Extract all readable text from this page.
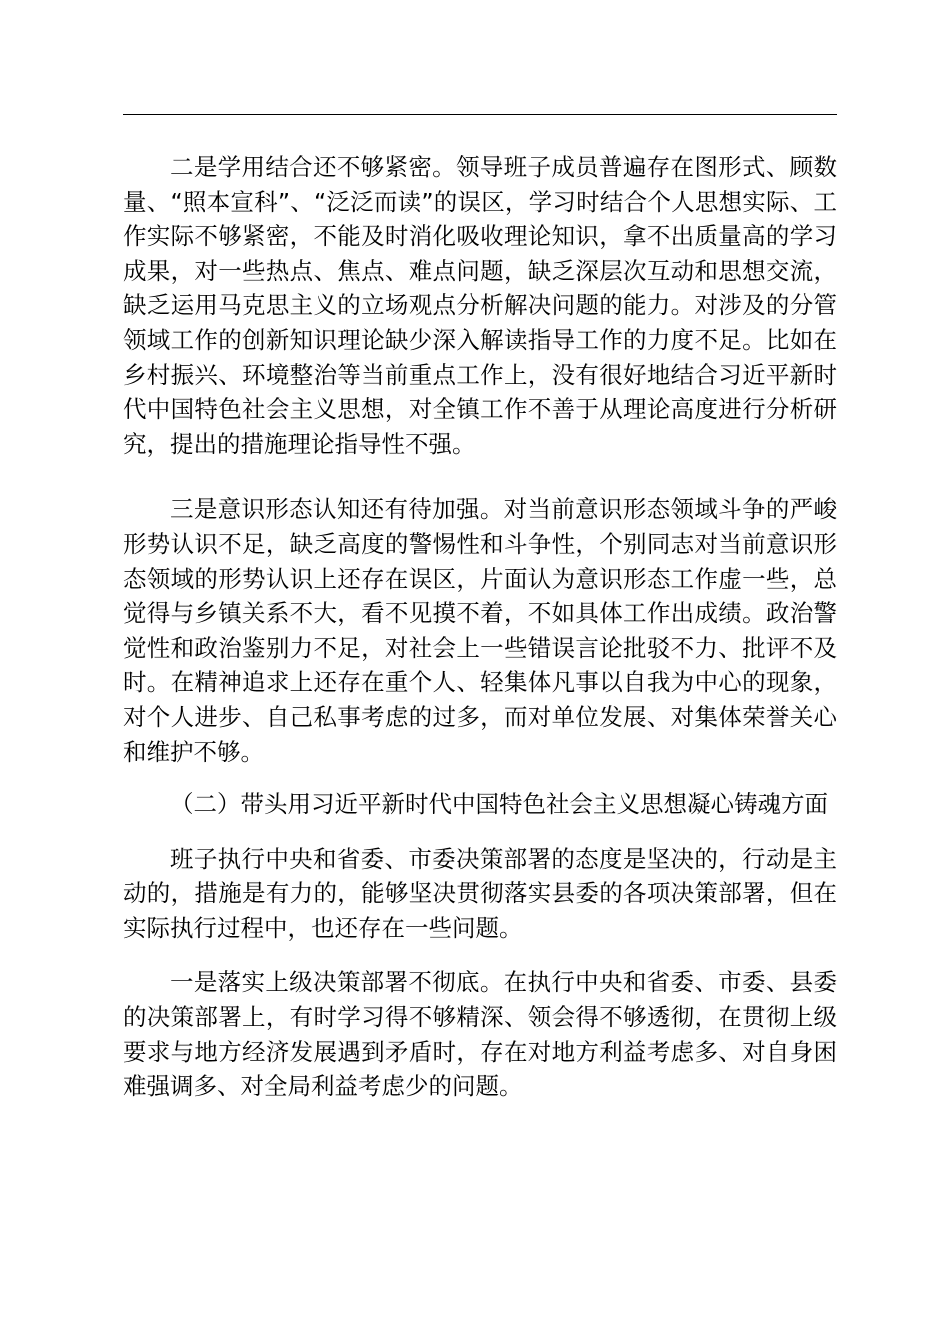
二是学用结合还不够紧密。领导班子成员普遍存在图形式、顾数量、“照本宣科”、“泛泛而读”的误区，学习时结合个人思想实际、工作实际不够紧密，不能及时消化吸收理论知识，拿不出质量高的学习成果，对一些热点、焦点、难点问题，缺乏深层次互动和思想交流，缺乏运用马克思主义的立场观点分析解决问题的能力。对涉及的分管领域工作的创新知识理论缺少深入解读指导工作的力度不足。比如在乡村振兴、环境整治等当前重点工作上，没有很好地结合习近平新时代中国特色社会主义思想，对全镇工作不善于从理论高度进行分析研究，提出的措施理论指导性不强。

三是意识形态认知还有待加强。对当前意识形态领域斗争的严峻形势认识不足，缺乏高度的警惕性和斗争性，个别同志对当前意识形态领域的形势认识上还存在误区，片面认为意识形态工作虚一些，总觉得与乡镇关系不大，看不见摸不着，不如具体工作出成绩。政治警觉性和政治鉴别力不足，对社会上一些错误言论批驳不力、批评不及时。在精神追求上还存在重个人、轻集体凡事以自我为中心的现象，对个人进步、自己私事考虑的过多，而对单位发展、对集体荣誉关心和维护不够。

（二）带头用习近平新时代中国特色社会主义思想凝心铸魂方面

班子执行中央和省委、市委决策部署的态度是坚决的，行动是主动的，措施是有力的，能够坚决贯彻落实县委的各项决策部署，但在实际执行过程中，也还存在一些问题。

一是落实上级决策部署不彻底。在执行中央和省委、市委、县委的决策部署上，有时学习得不够精深、领会得不够透彻，在贯彻上级要求与地方经济发展遇到矛盾时，存在对地方利益考虑多、对自身困难强调多、对全局利益考虑少的问题。
